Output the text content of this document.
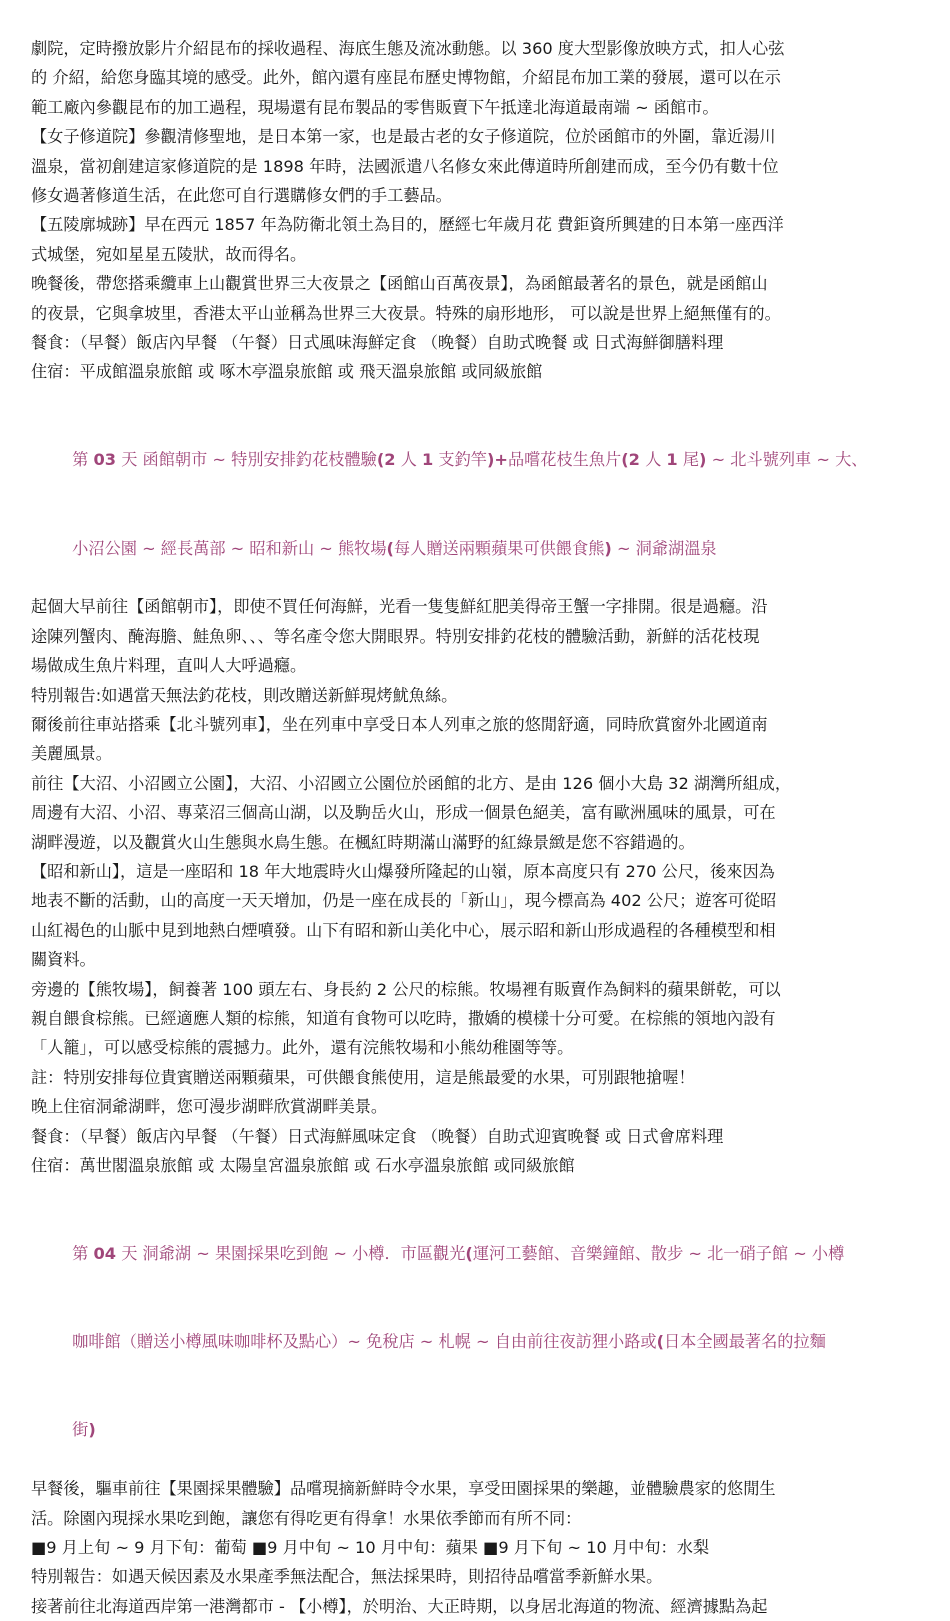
劇院，定時撥放影片介紹昆布的採收過程、海底生態及流冰動態。以 360 度大型影像放映方式，扣人心弦
的 介紹，給您身臨其境的感受。此外，館內還有座昆布歷史博物館，介紹昆布加工業的發展，還可以在示
範工廠內參觀昆布的加工過程，現場還有昆布製品的零售販賣下午抵達北海道最南端 ~ 函館市。
【女子修道院】參觀清修聖地，是日本第一家，也是最古老的女子修道院，位於函館市的外圍，靠近湯川
溫泉，當初創建這家修道院的是 1898 年時，法國派遣八名修女來此傳道時所創建而成，至今仍有數十位
修女過著修道生活，在此您可自行選購修女們的手工藝品。
【五陵廓城跡】早在西元 1857 年為防衛北領土為目的，歷經七年歲月花 費鉅資所興建的日本第一座西洋
式城堡，宛如星星五陵狀，故而得名。
晚餐後，帶您搭乘纜車上山觀賞世界三大夜景之【函館山百萬夜景】，為函館最著名的景色，就是函館山
的夜景，它與拿坡里，香港太平山並稱為世界三大夜景。特殊的扇形地形， 可以說是世界上絕無僅有的。
餐食：（早餐）飯店內早餐 （午餐）日式風味海鮮定食 （晚餐）自助式晚餐 或 日式海鮮御膳料理
住宿：平成館溫泉旅館 或 啄木亭溫泉旅館 或 飛天溫泉旅館 或同級旅館

第 03 天 函館朝市 ~ 特別安排釣花枝體驗(2 人 1 支釣竿)+品嚐花枝生魚片(2 人 1 尾) ~ 北斗號列車 ~ 大、

小沼公園 ~ 經長萬部 ~ 昭和新山 ~ 熊牧場(每人贈送兩顆蘋果可供餵食熊) ~ 洞爺湖溫泉

起個大早前往【函館朝市】，即使不買任何海鮮，光看一隻隻鮮紅肥美得帝王蟹一字排開。很是過癮。沿
途陳列蟹肉、醃海膽、鮭魚卵、、、等名產令您大開眼界。特別安排釣花枝的體驗活動，新鮮的活花枝現
場做成生魚片料理，直叫人大呼過癮。
特別報告:如遇當天無法釣花枝，則改贈送新鮮現烤魷魚絲。
爾後前往車站搭乘【北斗號列車】，坐在列車中享受日本人列車之旅的悠閒舒適，同時欣賞窗外北國道南
美麗風景。
前往【大沼、小沼國立公園】，大沼、小沼國立公園位於函館的北方、是由 126 個小大島 32 湖灣所組成，
周邊有大沼、小沼、專菜沼三個高山湖，以及駒岳火山，形成一個景色絕美，富有歐洲風味的風景，可在
湖畔漫遊，以及觀賞火山生態與水鳥生態。在楓紅時期滿山滿野的紅綠景緻是您不容錯過的。
【昭和新山】，這是一座昭和 18 年大地震時火山爆發所隆起的山嶺，原本高度只有 270 公尺，後來因為
地表不斷的活動，山的高度一天天增加，仍是一座在成長的「新山」，現今標高為 402 公尺；遊客可從昭
山紅褐色的山脈中見到地熱白煙噴發。山下有昭和新山美化中心，展示昭和新山形成過程的各種模型和相
關資料。
旁邊的【熊牧場】，飼養著 100 頭左右、身長約 2 公尺的棕熊。牧場裡有販賣作為飼料的蘋果餅乾，可以
親自餵食棕熊。已經適應人類的棕熊，知道有食物可以吃時，撒嬌的模樣十分可愛。在棕熊的領地內設有
「人籠」，可以感受棕熊的震撼力。此外，還有浣熊牧場和小熊幼稚園等等。
註：特別安排每位貴賓贈送兩顆蘋果，可供餵食熊使用，這是熊最愛的水果，可別跟牠搶喔！
晚上住宿洞爺湖畔，您可漫步湖畔欣賞湖畔美景。
餐食：（早餐）飯店內早餐 （午餐）日式海鮮風味定食 （晚餐）自助式迎賓晚餐 或 日式會席料理
住宿：萬世閣溫泉旅館 或 太陽皇宮溫泉旅館 或 石水亭溫泉旅館 或同級旅館

第 04 天 洞爺湖 ~ 果園採果吃到飽 ~ 小樽．市區觀光(運河工藝館、音樂鐘館、散步 ~ 北一硝子館 ~ 小樽

咖啡館（贈送小樽風味咖啡杯及點心）~ 免稅店 ~ 札幌 ~ 自由前往夜訪狸小路或(日本全國最著名的拉麵

街)

早餐後，驅車前往【果園採果體驗】品嚐現摘新鮮時令水果，享受田園採果的樂趣，並體驗農家的悠閒生
活。除園內現採水果吃到飽，讓您有得吃更有得拿！水果依季節而有所不同：
■9 月上旬 ~ 9 月下旬：葡萄 ■9 月中旬 ~ 10 月中旬：蘋果 ■9 月下旬 ~ 10 月中旬：水梨
特別報告：如遇天候因素及水果產季無法配合，無法採果時，則招待品嚐當季新鮮水果。
接著前往北海道西岸第一港灣都市 - 【小樽】，於明治、大正時期，以身居北海道的物流、經濟據點為起
